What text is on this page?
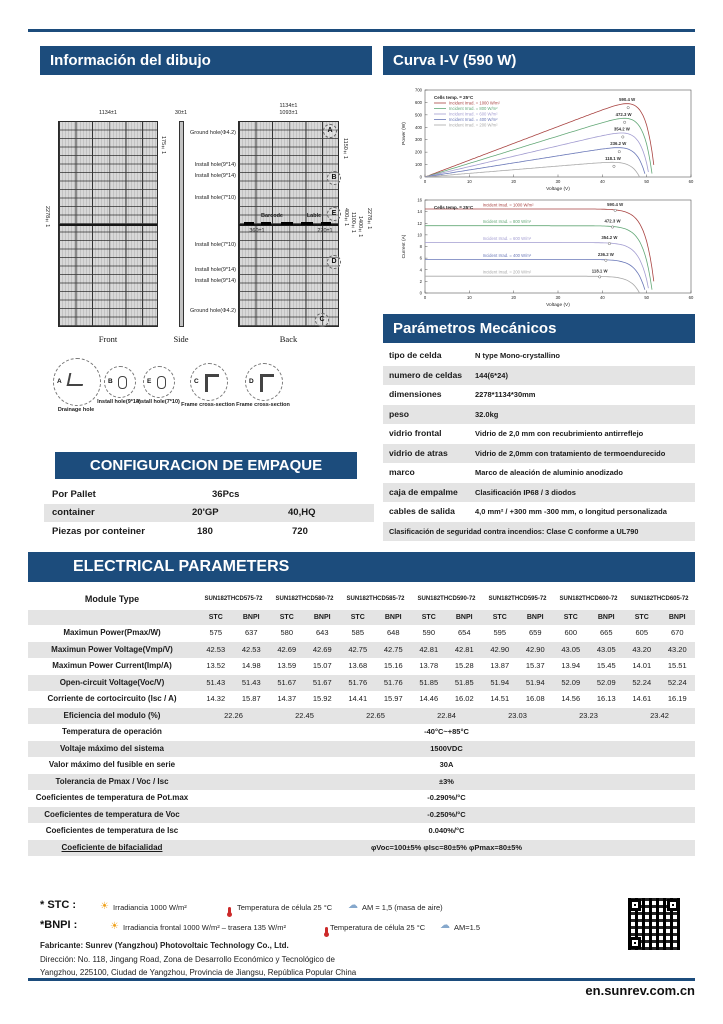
Información del dibujo	Curva I-V (590 W)
1134±1	30±1
1134±1
1093±1
2278±1
175±1	1150±1
400±1 1100±1 1400±1 2278±1
Ground hole(Φ4.2)
Install hole(9*14)
Install hole(9*14)
Install hole(7*10)
Install hole(7*10)
Install hole(9*14)
Install hole(9*14)
Ground hole(Φ4.2)
Barcode	Lable
360±1	270±1
A
B
E
D
C
Front	Side	Back
A
Drainage hole
B
Install hole(9*14)
E
Install hole(7*10)
C
Frame cross-section
D
Frame cross-section
0	10	20	30	40	50	60
0
100
200
300
400
500
600
700
Voltage (V)
Power (W)
590.4 W
472.3 W
354.2 W
236.2 W
118.1 W
Cells temp. = 25°C
Incident Irrad. = 1000 W/m²
Incident Irrad. = 800 W/m²
Incident Irrad. = 600 W/m²
Incident Irrad. = 400 W/m²
Incident Irrad. = 200 W/m²
0	10	20	30	40	50	60
0
2
4
6
8
10
12
14
16
Voltage (V)
Current (A)
590.4 W
Incident Irrad. = 1000 W/m²
472.3 W
Incident Irrad. = 800 W/m²
354.2 W
Incident Irrad. = 600 W/m²
236.2 W
Incident Irrad. = 400 W/m²
118.1 W
Incident Irrad. = 200 W/m²
Cells temp. = 25°C
Parámetros Mecánicos
tipo de celda	N type Mono-crystallino
numero de celdas 144(6*24)
dimensiones	2278*1134*30mm
peso	32.0kg
vidrio frontal	Vidrio de 2,0 mm con recubrimiento antirreflejo
vidrio de atras	Vidrio de 2,0mm con tratamiento de termoendurecido
marco	Marco de aleación de aluminio anodizado
caja de empalme Clasificación IP68 / 3 diodos
cables de salida	4,0 mm² / +300 mm -300 mm, o longitud personalizada
Clasificación de seguridad contra incendios: Clase C conforme a UL790
CONFIGURACION DE EMPAQUE
Por Pallet	36Pcs
container	20'GP	40,HQ
Piezas por conteiner	180	720
ELECTRICAL PARAMETERS
Module Type	SUN182THCD575-72	SUN182THCD580-72	SUN182THCD585-72	SUN182THCD590-72	SUN182THCD595-72	SUN182THCD600-72	SUN182THCD605-72
STC	BNPI	STC	BNPI	STC	BNPI	STC	BNPI	STC	BNPI	STC	BNPI	STC	BNPI
Maximun Power(Pmax/W)	575	637	580	643	585	648	590	654	595	659	600	665	605	670
Maximun Power Voltage(Vmp/V)	42.53	42.53	42.69	42.69	42.75	42.75	42.81	42.81	42.90	42.90	43.05	43.05	43.20	43.20
Maximun Power Current(Imp/A)	13.52	14.98	13.59	15.07	13.68	15.16	13.78	15.28	13.87	15.37	13.94	15.45	14.01	15.51
Open-circuit Voltage(Voc/V)	51.43	51.43	51.67	51.67	51.76	51.76	51.85	51.85	51.94	51.94	52.09	52.09	52.24	52.24
Corriente de cortocircuito (Isc / A)	14.32	15.87	14.37	15.92	14.41	15.97	14.46	16.02	14.51	16.08	14.56	16.13	14.61	16.19
Eficiencia del modulo (%)	22.26	22.45	22.65	22.84	23.03	23.23	23.42
Temperatura de operación	-40°C~+85°C
Voltaje máximo del sistema	1500VDC
Valor máximo del fusible en serie	30A
Tolerancia de Pmax / Voc / Isc	±3%
Coeficientes de temperatura de Pot.max	-0.290%/°C
Coeficientes de temperatura de Voc	-0.250%/°C
Coeficientes de temperatura de Isc	0.040%/°C
Coeficiente de bifacialidad	φVoc=100±5% φIsc=80±5% φPmax=80±5%
* STC : ☀ Irradiancia 1000 W/m²
	Temperatura de célula 25 °C ☁ AM = 1,5 (masa de aire)
*BNPI :	☀ Irradiancia frontal 1000 W/m² – trasera 135 W/m²	Temperatura de célula 25 °C ☁ AM=1.5
Fabricante: Sunrev (Yangzhou) Photovoltaic Technology Co., Ltd.
Dirección: No. 118, Jingang Road, Zona de Desarrollo Económico y Tecnológico de
Yangzhou, 225100, Ciudad de Yangzhou, Provincia de Jiangsu, República Popular China
en.sunrev.com.cn
